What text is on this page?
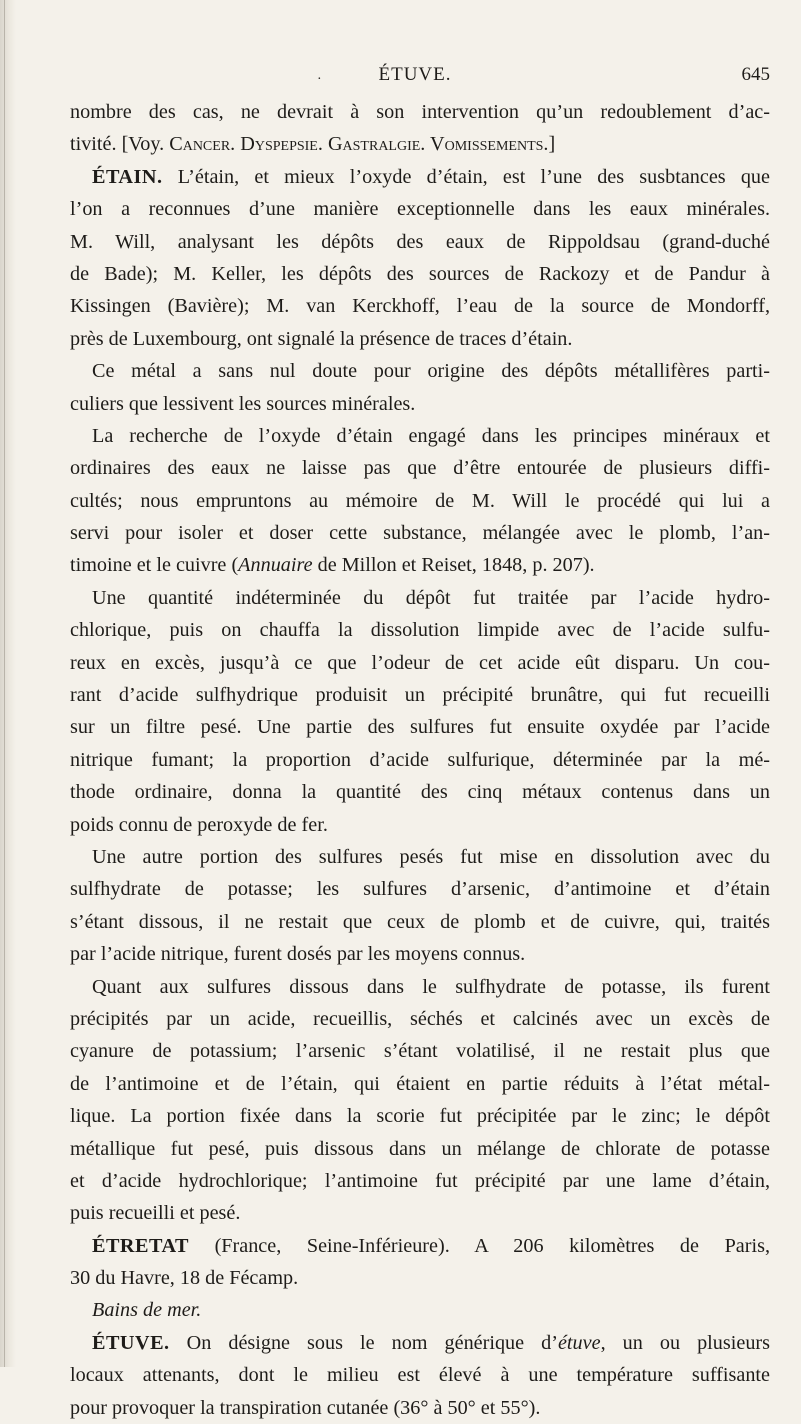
·	ÉTUVE.	645
nombre des cas, ne devrait à son intervention qu’un redoublement d’ac-
tivité. [Voy. Cancer. Dyspepsie. Gastralgie. Vomissements.]
ÉTAIN. L’étain, et mieux l’oxyde d’étain, est l’une des susbtances que
l’on a reconnues d’une manière exceptionnelle dans les eaux minérales.
M. Will, analysant les dépôts des eaux de Rippoldsau (grand-duché
de Bade); M. Keller, les dépôts des sources de Rackozy et de Pandur à
Kissingen (Bavière); M. van Kerckhoff, l’eau de la source de Mondorff,
près de Luxembourg, ont signalé la présence de traces d’étain.
Ce métal a sans nul doute pour origine des dépôts métallifères parti-
culiers que lessivent les sources minérales.
La recherche de l’oxyde d’étain engagé dans les principes minéraux et
ordinaires des eaux ne laisse pas que d’être entourée de plusieurs diffi-
cultés; nous empruntons au mémoire de M. Will le procédé qui lui a
servi pour isoler et doser cette substance, mélangée avec le plomb, l’an-
timoine et le cuivre (Annuaire de Millon et Reiset, 1848, p. 207).
Une quantité indéterminée du dépôt fut traitée par l’acide hydro-
chlorique, puis on chauffa la dissolution limpide avec de l’acide sulfu-
reux en excès, jusqu’à ce que l’odeur de cet acide eût disparu. Un cou-
rant d’acide sulfhydrique produisit un précipité brunâtre, qui fut recueilli
sur un filtre pesé. Une partie des sulfures fut ensuite oxydée par l’acide
nitrique fumant; la proportion d’acide sulfurique, déterminée par la mé-
thode ordinaire, donna la quantité des cinq métaux contenus dans un
poids connu de peroxyde de fer.
Une autre portion des sulfures pesés fut mise en dissolution avec du
sulfhydrate de potasse; les sulfures d’arsenic, d’antimoine et d’étain
s’étant dissous, il ne restait que ceux de plomb et de cuivre, qui, traités
par l’acide nitrique, furent dosés par les moyens connus.
Quant aux sulfures dissous dans le sulfhydrate de potasse, ils furent
précipités par un acide, recueillis, séchés et calcinés avec un excès de
cyanure de potassium; l’arsenic s’étant volatilisé, il ne restait plus que
de l’antimoine et de l’étain, qui étaient en partie réduits à l’état métal-
lique. La portion fixée dans la scorie fut précipitée par le zinc; le dépôt
métallique fut pesé, puis dissous dans un mélange de chlorate de potasse
et d’acide hydrochlorique; l’antimoine fut précipité par une lame d’étain,
puis recueilli et pesé.
ÉTRETAT (France, Seine-Inférieure). A 206 kilomètres de Paris,
30 du Havre, 18 de Fécamp.
Bains de mer.
ÉTUVE. On désigne sous le nom générique d’étuve, un ou plusieurs
locaux attenants, dont le milieu est élevé à une température suffisante
pour provoquer la transpiration cutanée (36° à 50° et 55°).
